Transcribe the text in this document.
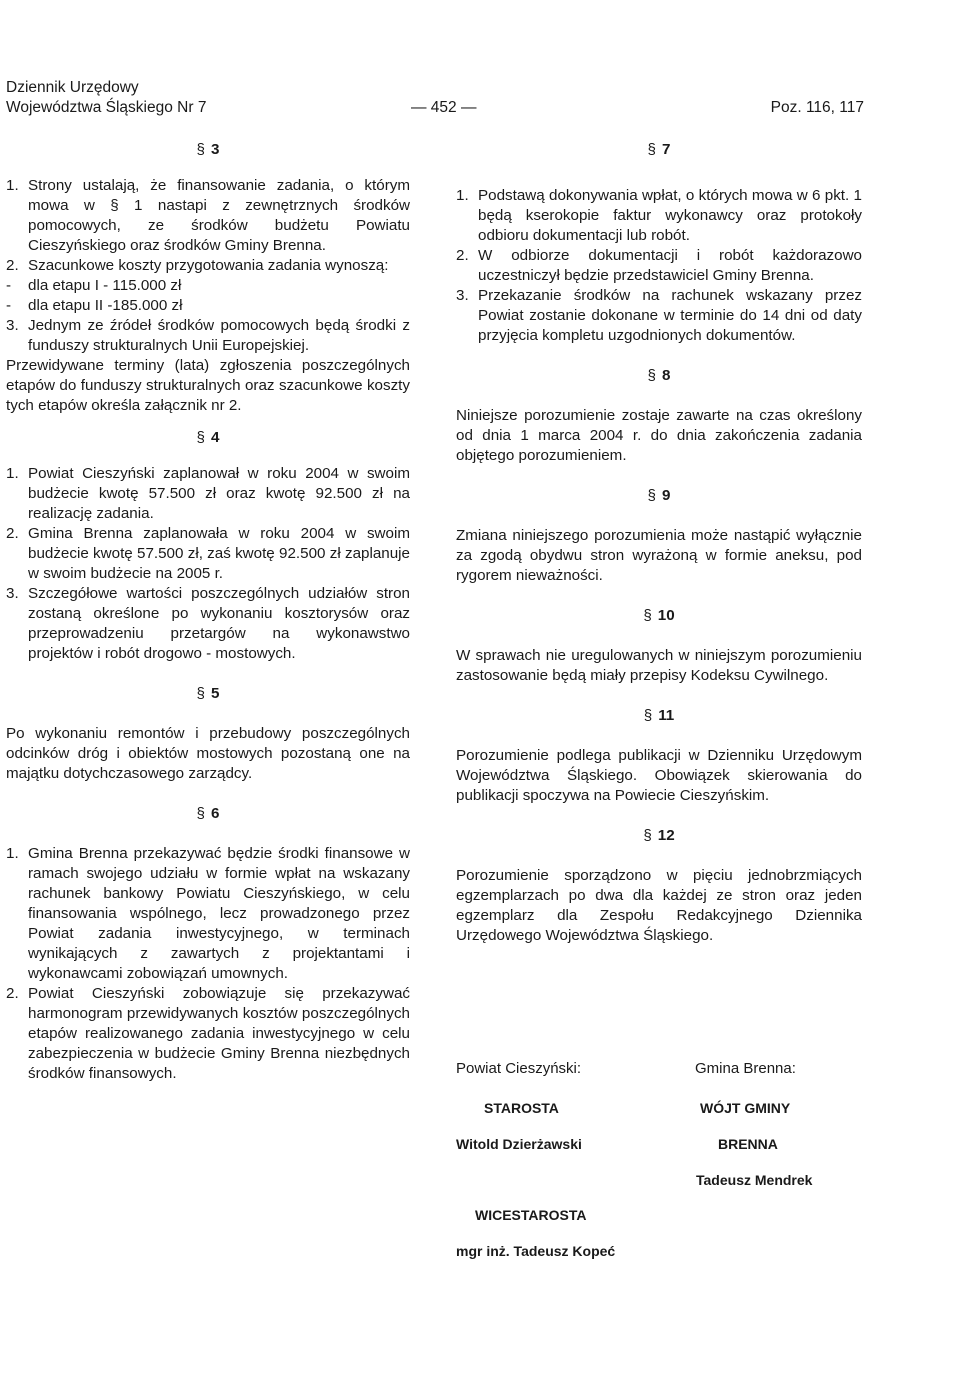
Dziennik Urzędowy
Województwa Śląskiego Nr 7	— 452 —	Poz. 116, 117

§ 3

1. Strony ustalają, że finansowanie zadania, o którym mowa w § 1 nastapi z zewnętrznych środków pomocowych, ze środków budżetu Powiatu Cieszyńskiego oraz środków Gminy Brenna.

2. Szacunkowe koszty przygotowania zadania wynoszą:

- dla etapu I - 115.000 zł

- dla etapu II -185.000 zł

3. Jednym ze źródeł środków pomocowych będą środki z funduszy strukturalnych Unii Europejskiej.

Przewidywane terminy (lata) zgłoszenia poszczególnych etapów do funduszy strukturalnych oraz szacunkowe koszty tych etapów określa załącznik nr 2.

§ 4

1. Powiat Cieszyński zaplanował w roku 2004 w swoim budżecie kwotę 57.500 zł oraz kwotę 92.500 zł na realizację zadania.

2. Gmina Brenna zaplanowała w roku 2004 w swoim budżecie kwotę 57.500 zł, zaś kwotę 92.500 zł zaplanuje w swoim budżecie na 2005 r.

3. Szczegółowe wartości poszczególnych udziałów stron zostaną określone po wykonaniu kosztorysów oraz przeprowadzeniu przetargów na wykonawstwo projektów i robót drogowo - mostowych.

§ 5

Po wykonaniu remontów i przebudowy poszczególnych odcinków dróg i obiektów mostowych pozostaną one na majątku dotychczasowego zarządcy.

§ 6

1. Gmina Brenna przekazywać będzie środki finansowe w ramach swojego udziału w formie wpłat na wskazany rachunek bankowy Powiatu Cieszyńskiego, w celu finansowania wspólnego, lecz prowadzonego przez Powiat zadania inwestycyjnego, w terminach wynikających z zawartych z projektantami i wykonawcami zobowiązań umownych.

2. Powiat Cieszyński zobowiązuje się przekazywać harmonogram przewidywanych kosztów poszczególnych etapów realizowanego zadania inwestycyjnego w celu zabezpieczenia w budżecie Gminy Brenna niezbędnych środków finansowych.

§ 7

1. Podstawą dokonywania wpłat, o których mowa w 6 pkt. 1 będą kserokopie faktur wykonawcy oraz protokoły odbioru dokumentacji lub robót.

2. W odbiorze dokumentacji i robót każdorazowo uczestniczył będzie przedstawiciel Gminy Brenna.

3. Przekazanie środków na rachunek wskazany przez Powiat zostanie dokonane w terminie do 14 dni od daty przyjęcia kompletu uzgodnionych dokumentów.

§ 8

Niniejsze porozumienie zostaje zawarte na czas określony od dnia 1 marca 2004 r. do dnia zakończenia zadania objętego porozumieniem.

§ 9

Zmiana niniejszego porozumienia może nastąpić wyłącznie za zgodą obydwu stron wyrażoną w formie aneksu, pod rygorem nieważności.

§ 10

W sprawach nie uregulowanych w niniejszym porozumieniu zastosowanie będą miały przepisy Kodeksu Cywilnego.

§ 11

Porozumienie podlega publikacji w Dzienniku Urzędowym Województwa Śląskiego. Obowiązek skierowania do publikacji spoczywa na Powiecie Cieszyńskim.

§ 12

Porozumienie sporządzono w pięciu jednobrzmiących egzemplarzach po dwa dla każdej ze stron oraz jeden egzemplarz dla Zespołu Redakcyjnego Dziennika Urzędowego Województwa Śląskiego.

Powiat Cieszyński:	Gmina Brenna:
STAROSTA	WÓJT GMINY
Witold Dzierżawski	BRENNA
Tadeusz Mendrek
WICESTAROSTA
mgr inż. Tadeusz Kopeć
